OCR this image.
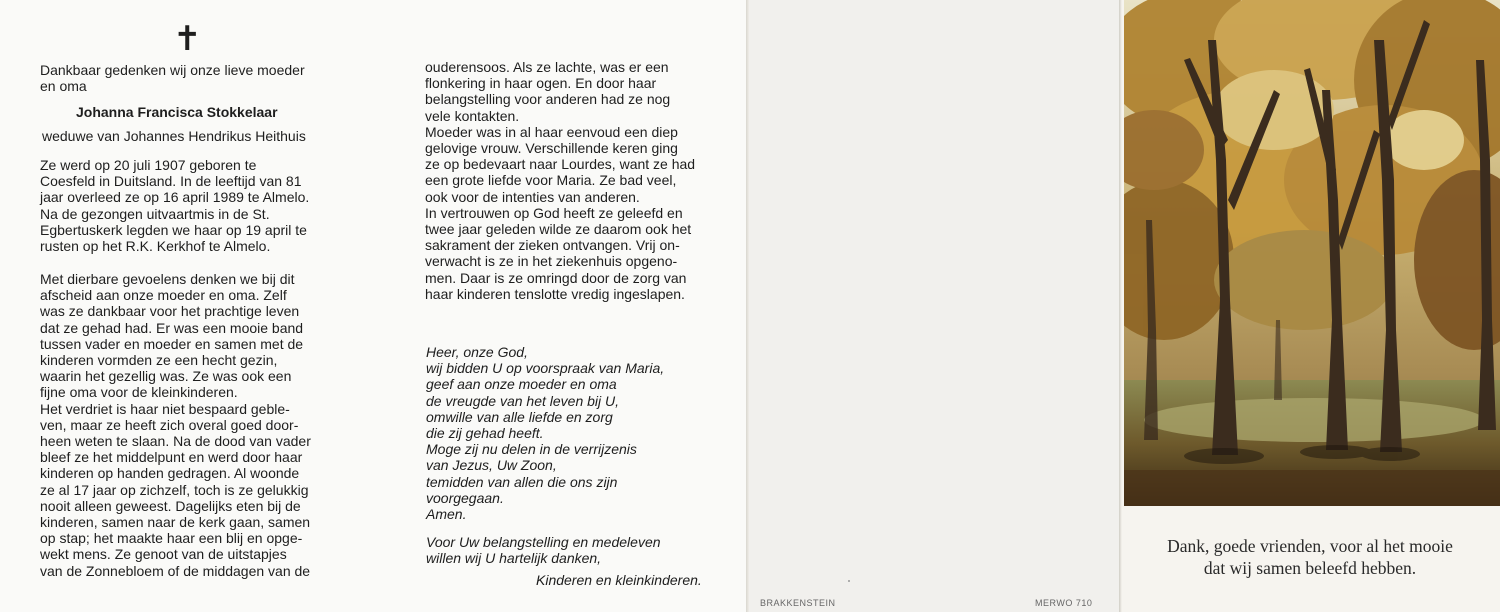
✝

Dankbaar gedenken wij onze lieve moeder
en oma

Johanna Francisca Stokkelaar

weduwe van Johannes Hendrikus Heithuis

Ze werd op 20 juli 1907 geboren te
Coesfeld in Duitsland. In de leeftijd van 81
jaar overleed ze op 16 april 1989 te Almelo.
Na de gezongen uitvaartmis in de St.
Egbertuskerk legden we haar op 19 april te
rusten op het R.K. Kerkhof te Almelo.

Met dierbare gevoelens denken we bij dit
afscheid aan onze moeder en oma. Zelf
was ze dankbaar voor het prachtige leven
dat ze gehad had. Er was een mooie band
tussen vader en moeder en samen met de
kinderen vormden ze een hecht gezin,
waarin het gezellig was. Ze was ook een
fijne oma voor de kleinkinderen.
Het verdriet is haar niet bespaard geble-
ven, maar ze heeft zich overal goed door-
heen weten te slaan. Na de dood van vader
bleef ze het middelpunt en werd door haar
kinderen op handen gedragen. Al woonde
ze al 17 jaar op zichzelf, toch is ze gelukkig
nooit alleen geweest. Dagelijks eten bij de
kinderen, samen naar de kerk gaan, samen
op stap; het maakte haar een blij en opge-
wekt mens. Ze genoot van de uitstapjes
van de Zonnebloem of de middagen van de

ouderensoos. Als ze lachte, was er een
flonkering in haar ogen. En door haar
belangstelling voor anderen had ze nog
vele kontakten.
Moeder was in al haar eenvoud een diep
gelovige vrouw. Verschillende keren ging
ze op bedevaart naar Lourdes, want ze had
een grote liefde voor Maria. Ze bad veel,
ook voor de intenties van anderen.
In vertrouwen op God heeft ze geleefd en
twee jaar geleden wilde ze daarom ook het
sakrament der zieken ontvangen. Vrij on-
verwacht is ze in het ziekenhuis opgeno-
men. Daar is ze omringd door de zorg van
haar kinderen tenslotte vredig ingeslapen.

Heer, onze God,
wij bidden U op voorspraak van Maria,
geef aan onze moeder en oma
de vreugde van het leven bij U,
omwille van alle liefde en zorg
die zij gehad heeft.
Moge zij nu delen in de verrijzenis
van Jezus, Uw Zoon,
temidden van allen die ons zijn
voorgegaan.
Amen.

Voor Uw belangstelling en medeleven
willen wij U hartelijk danken,

Kinderen en kleinkinderen.

BRAKKENSTEIN	MERWO 710

Dank, goede vrienden, voor al het mooie
dat wij samen beleefd hebben.
